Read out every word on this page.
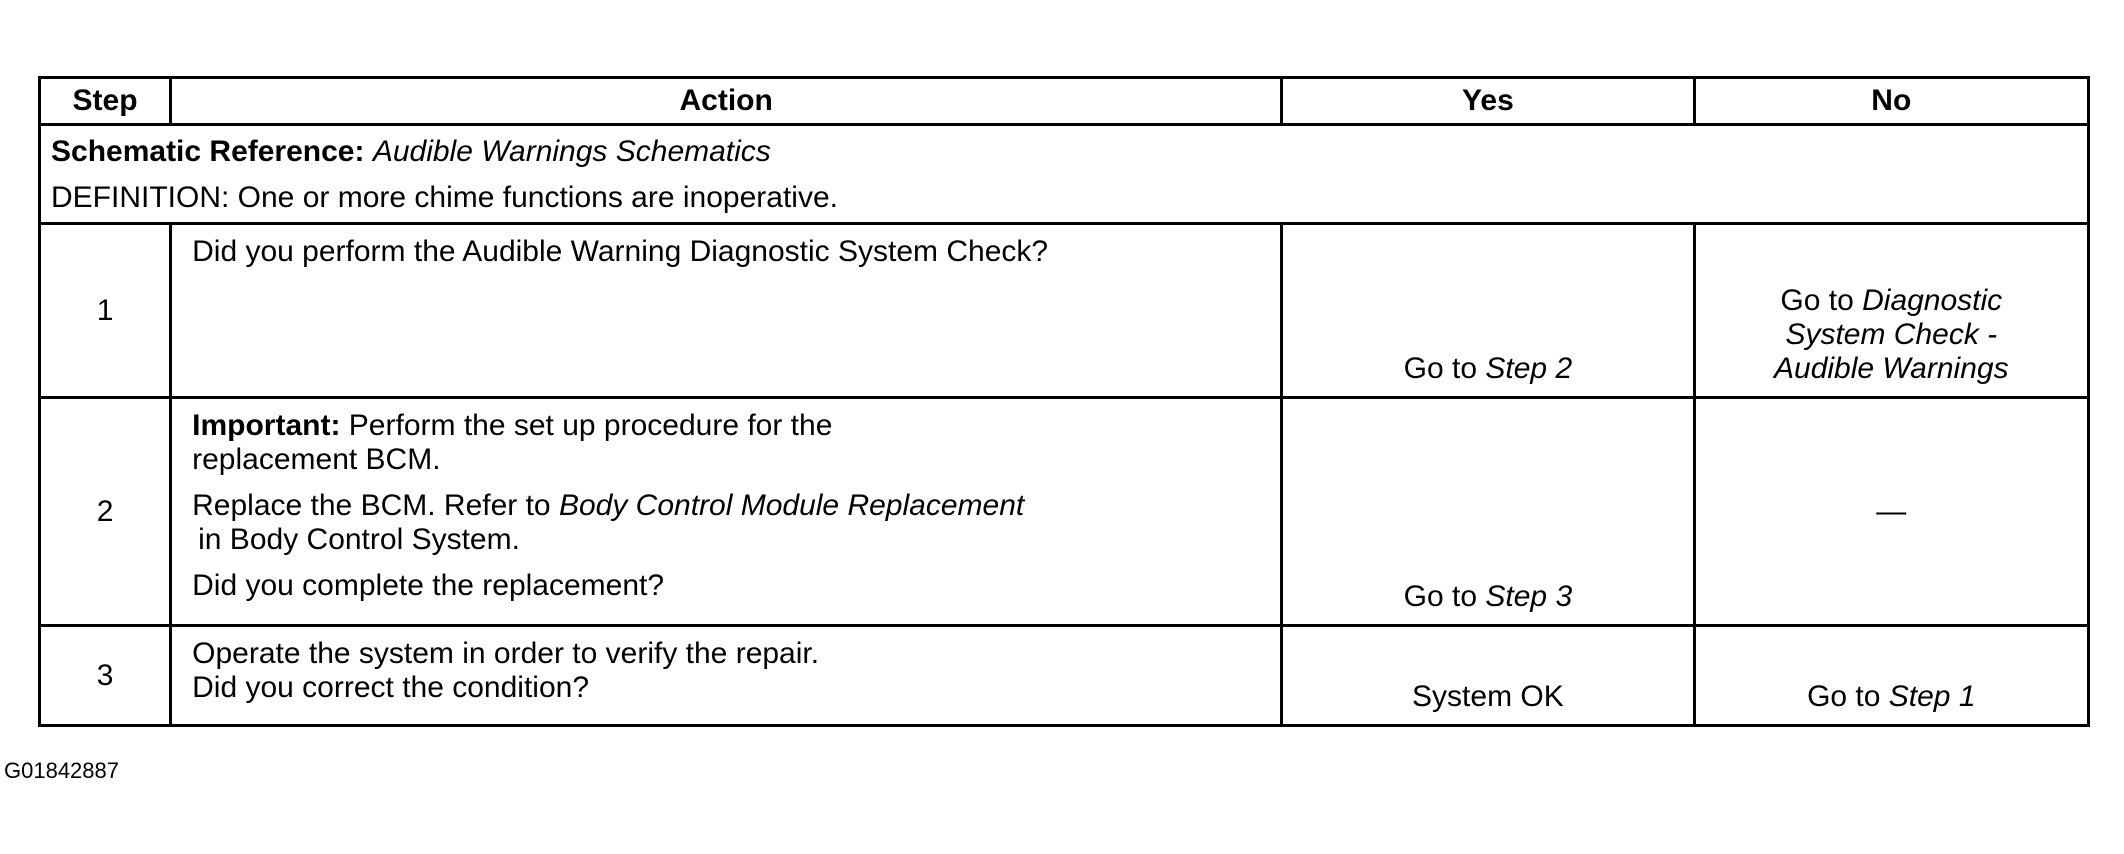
Step	Action	Yes	No

Schematic Reference: Audible Warnings Schematics
DEFINITION: One or more chime functions are inoperative.			

1	Did you perform the Audible Warning Diagnostic System Check?	Go to Step 2	Go to Diagnostic
System Check -
Audible Warnings

2	Important: Perform the set up procedure for the
replacement BCM.
Replace the BCM. Refer to Body Control Module Replacement
in Body Control System.
Did you complete the replacement?	Go to Step 3	—
3	Operate the system in order to verify the repair.
Did you correct the condition?	System OK	Go to Step 1
G01842887
